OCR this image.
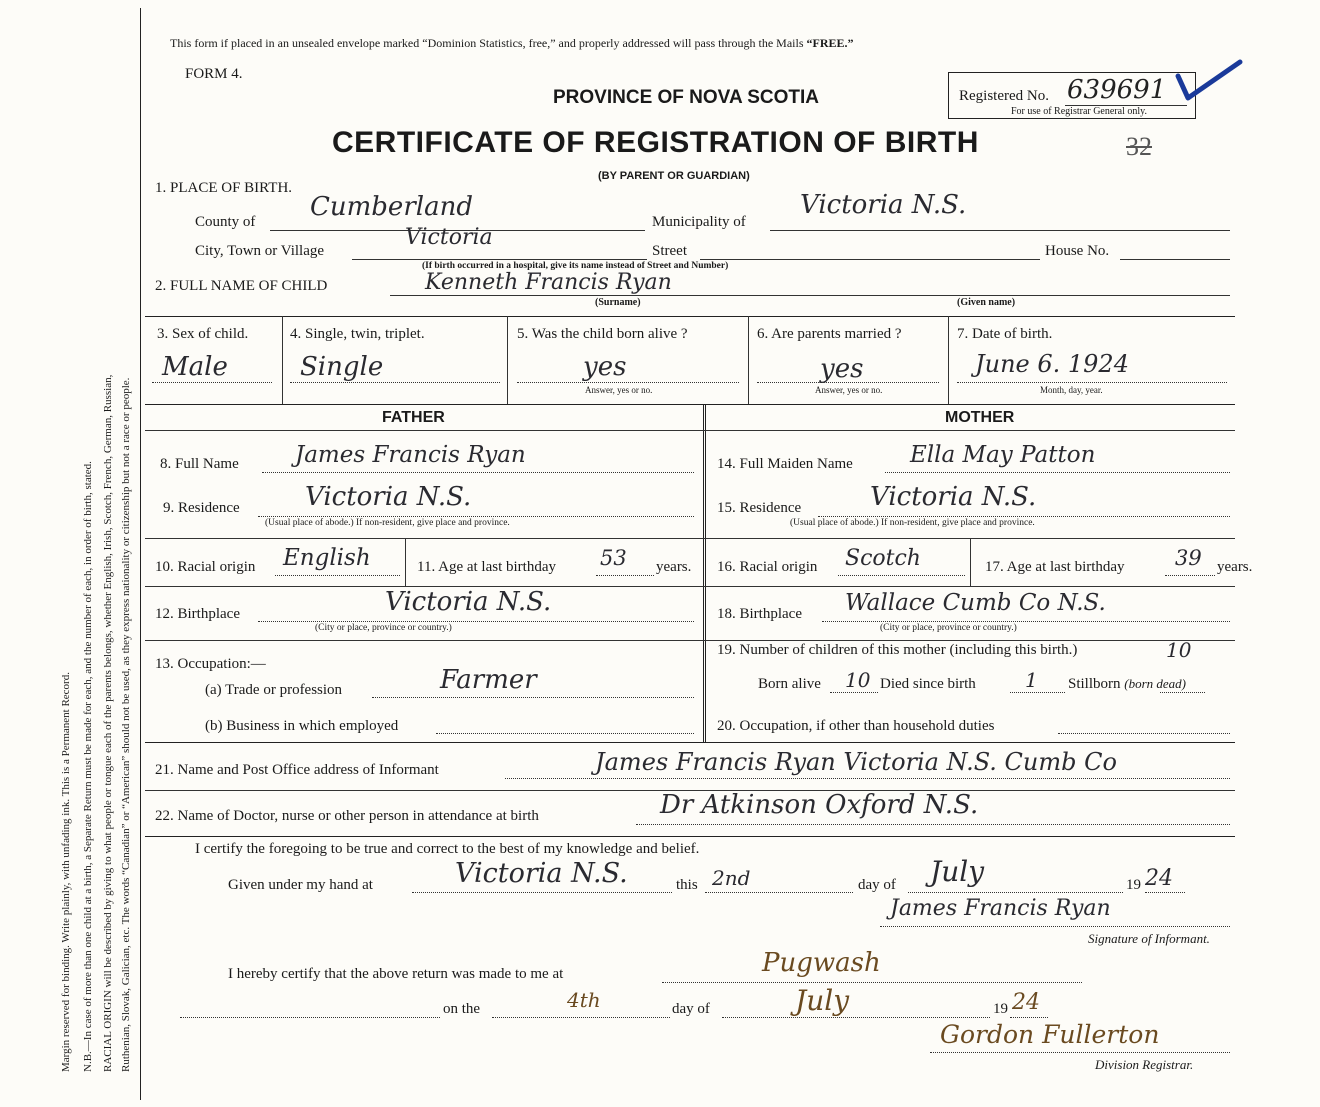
Margin reserved for binding. Write plainly, with unfading ink. This is a Permanent Record. N.B.—In case of more than one child at a birth, a Separate Return must be made for each, and the number of each, in order of birth, stated. RACIAL ORIGIN will be described by giving to what people or tongue each of the parents belongs, whether English, Irish, Scotch, French, German, Russian, Ruthenian, Slovak, Galician, etc. The words “Canadian” or “American” should not be used, as they express nationality or citizenship but not a race or people.
This form if placed in an unsealed envelope marked “Dominion Statistics, free,” and properly addressed will pass through the Mails “FREE.”
FORM 4.
PROVINCE OF NOVA SCOTIA
CERTIFICATE OF REGISTRATION OF BIRTH
(BY PARENT OR GUARDIAN)
Registered No. 639691
For use of Registrar General only.
32
1. PLACE OF BIRTH.
County of Cumberland	Municipality of
Victoria N.S.
City, Town or Village
Victoria
Street	House No.
(If birth occurred in a hospital, give its name instead of Street and Number)
2. FULL NAME OF CHILD	Kenneth Francis Ryan
(Surname)	(Given name)
3. Sex of child.
Male
4. Single, twin, triplet.
Single
5. Was the child born alive ?
yes
Answer, yes or no.
6. Are parents married ?
yes
Answer, yes or no.
7. Date of birth.
June 6. 1924
Month, day, year.
FATHER	MOTHER
8. Full Name James Francis Ryan
9. Residence	Victoria N.S.
(Usual place of abode.) If non-resident, give place and province.
10. Racial origin English	11. Age at last birthday 53 years.
12. Birthplace	Victoria N.S.
(City or place, province or country.)
13. Occupation:—
(a) Trade or profession	Farmer
(b) Business in which employed
14. Full Maiden Name Ella May Patton
15. Residence	Victoria N.S.
(Usual place of abode.) If non-resident, give place and province.
16. Racial origin Scotch	17. Age at last birthday 39 years.
18. Birthplace Wallace Cumb Co N.S.
(City or place, province or country.)
19. Number of children of this mother (including this birth.)	10
Born alive 10 Died since birth 1 Stillborn (born dead)
20. Occupation, if other than household duties
21. Name and Post Office address of Informant	James Francis Ryan Victoria N.S. Cumb Co
22. Name of Doctor, nurse or other person in attendance at birth	Dr Atkinson Oxford N.S.
I certify the foregoing to be true and correct to the best of my knowledge and belief.
Given under my hand at	Victoria N.S.	this 2nd	day of July	19 24
James Francis Ryan
Signature of Informant.
I hereby certify that the above return was made to me at	Pugwash
on the	4th	day of	July	19 24
Gordon Fullerton
Division Registrar.
